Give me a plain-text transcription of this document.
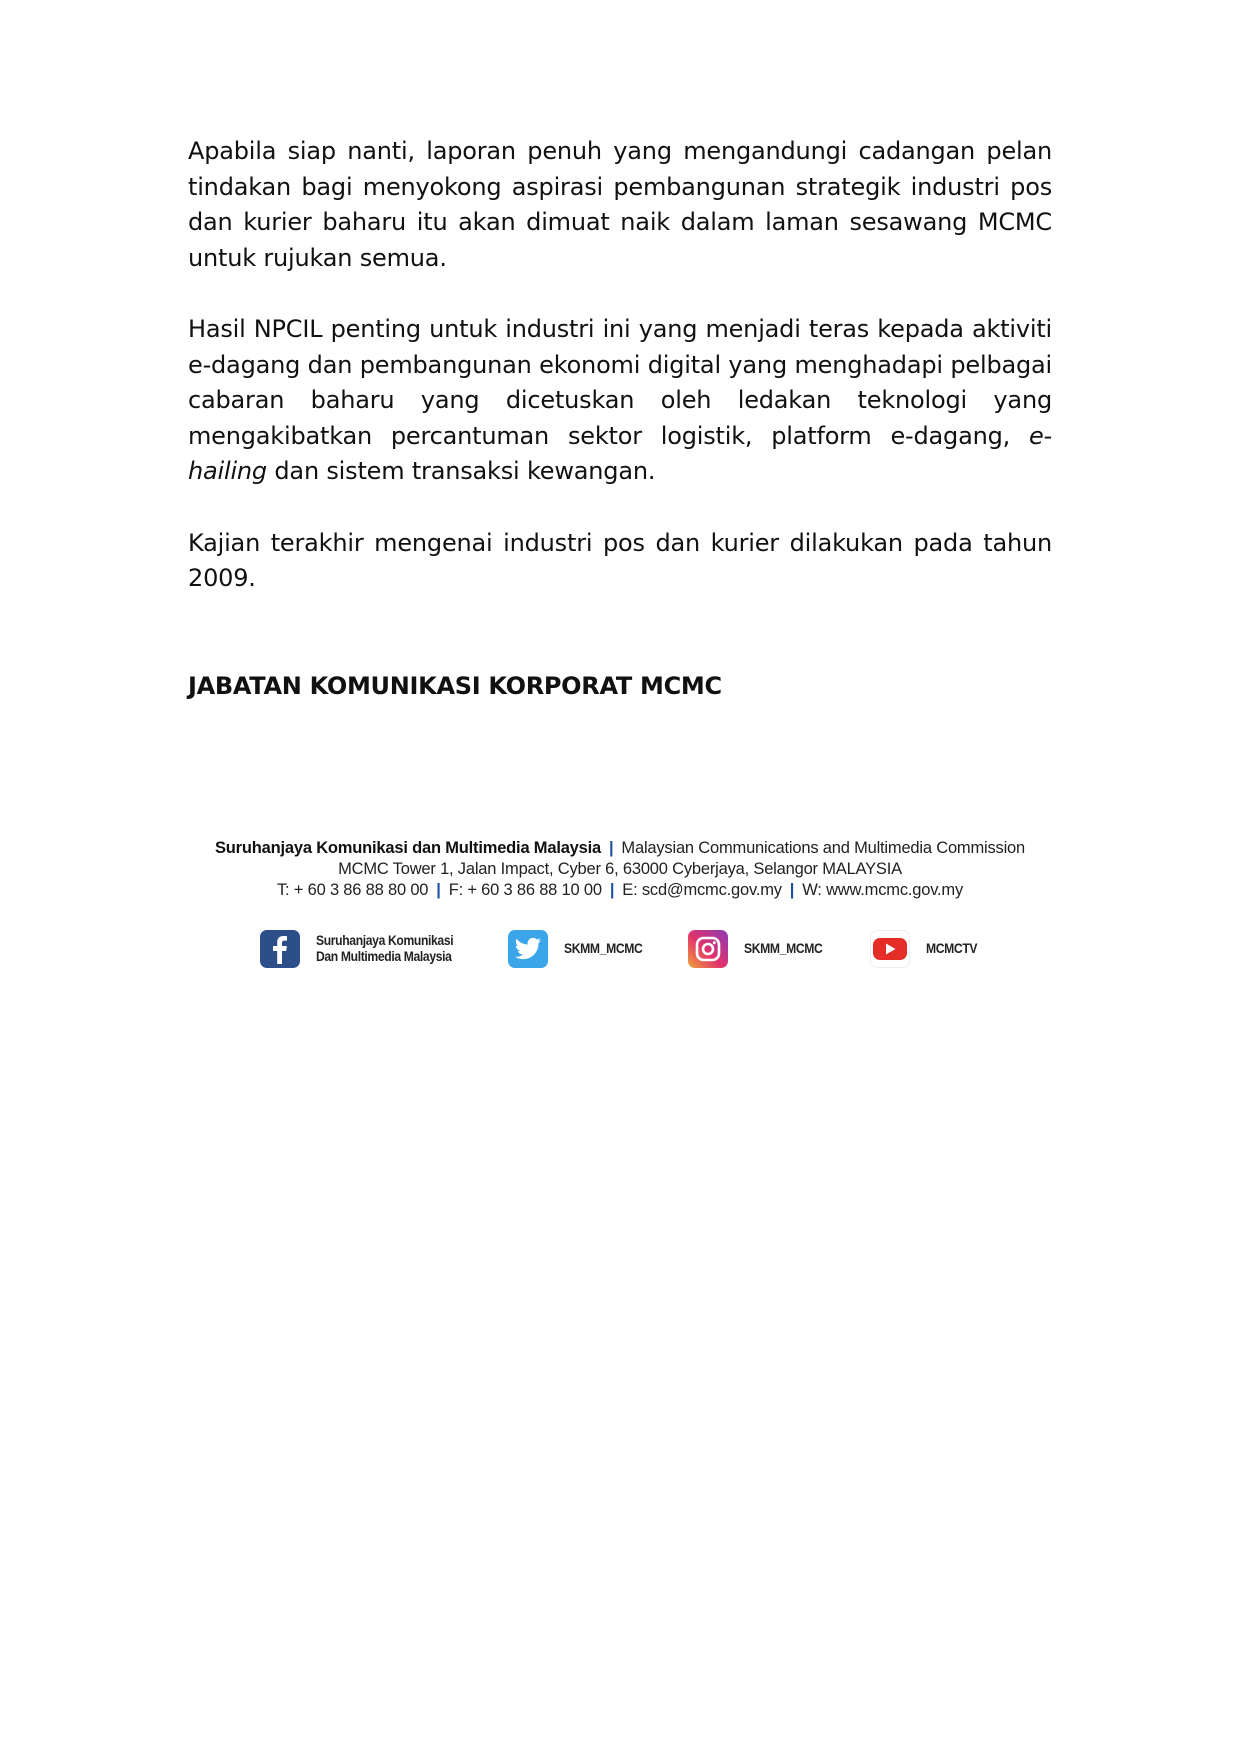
Apabila siap nanti, laporan penuh yang mengandungi cadangan pelan tindakan bagi menyokong aspirasi pembangunan strategik industri pos dan kurier baharu itu akan dimuat naik dalam laman sesawang MCMC untuk rujukan semua.

Hasil NPCIL penting untuk industri ini yang menjadi teras kepada aktiviti e-dagang dan pembangunan ekonomi digital yang menghadapi pelbagai cabaran baharu yang dicetuskan oleh ledakan teknologi yang mengakibatkan percantuman sektor logistik, platform e-dagang, e-hailing dan sistem transaksi kewangan.

Kajian terakhir mengenai industri pos dan kurier dilakukan pada tahun 2009.

JABATAN KOMUNIKASI KORPORAT MCMC
Suruhanjaya Komunikasi dan Multimedia Malaysia | Malaysian Communications and Multimedia Commission
MCMC Tower 1, Jalan Impact, Cyber 6, 63000 Cyberjaya, Selangor MALAYSIA
T: + 60 3 86 88 80 00 | F: + 60 3 86 88 10 00 | E: scd@mcmc.gov.my | W: www.mcmc.gov.my
Suruhanjaya Komunikasi
Dan Multimedia Malaysia
SKMM_MCMC	SKMM_MCMC	MCMCTV
